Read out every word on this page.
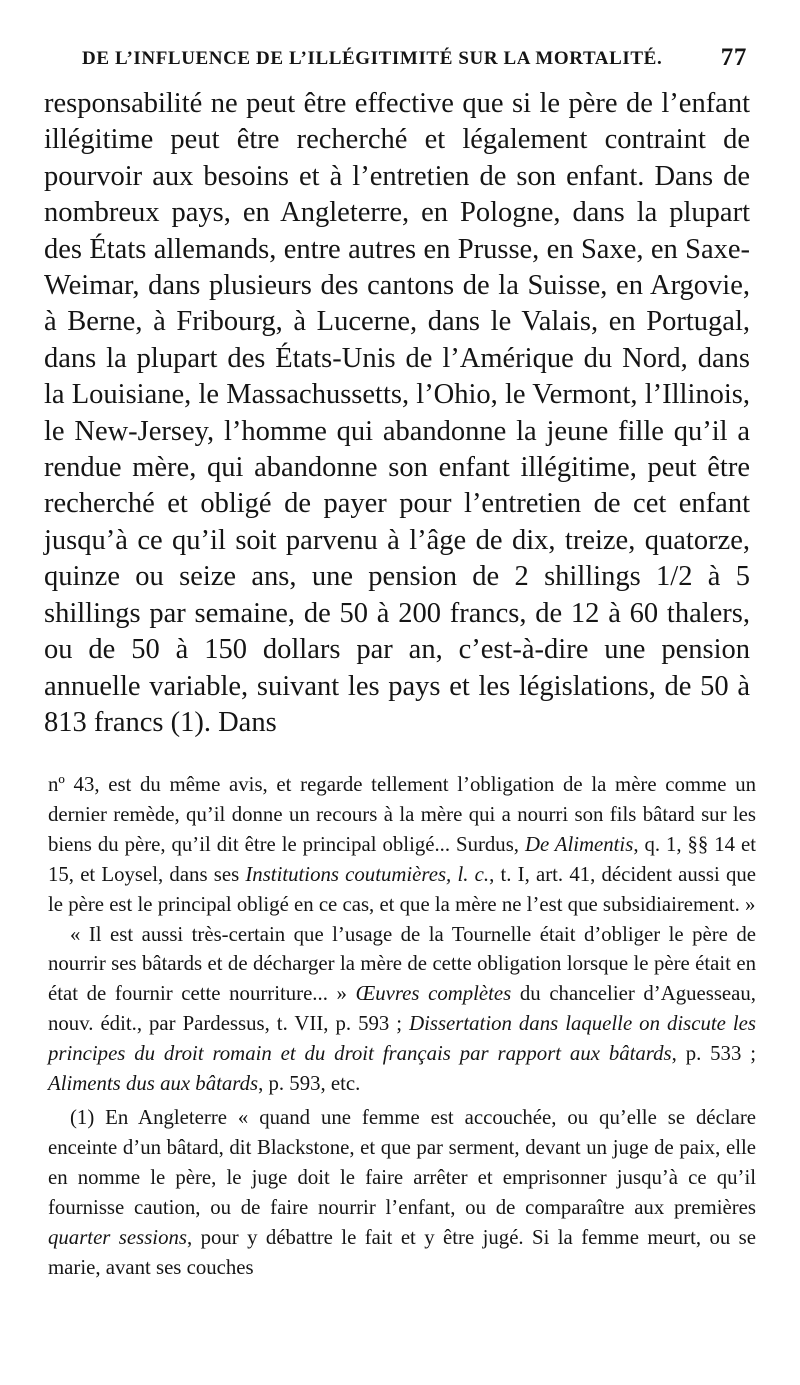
DE L’INFLUENCE DE L’ILLÉGITIMITÉ SUR LA MORTALITÉ. 77

responsabilité ne peut être effective que si le père de l’enfant illégitime peut être recherché et légalement contraint de pourvoir aux besoins et à l’entretien de son enfant. Dans de nombreux pays, en Angleterre, en Pologne, dans la plupart des États allemands, entre autres en Prusse, en Saxe, en Saxe-Weimar, dans plusieurs des cantons de la Suisse, en Argovie, à Berne, à Fribourg, à Lucerne, dans le Valais, en Portugal, dans la plupart des États-Unis de l’Amérique du Nord, dans la Louisiane, le Massachussetts, l’Ohio, le Vermont, l’Illinois, le New-Jersey, l’homme qui abandonne la jeune fille qu’il a rendue mère, qui abandonne son enfant illégitime, peut être recherché et obligé de payer pour l’entretien de cet enfant jusqu’à ce qu’il soit parvenu à l’âge de dix, treize, quatorze, quinze ou seize ans, une pension de 2 shillings 1/2 à 5 shillings par semaine, de 50 à 200 francs, de 12 à 60 thalers, ou de 50 à 150 dollars par an, c’est-à-dire une pension annuelle variable, suivant les pays et les législations, de 50 à 813 francs (1). Dans

nº 43, est du même avis, et regarde tellement l’obligation de la mère comme un dernier remède, qu’il donne un recours à la mère qui a nourri son fils bâtard sur les biens du père, qu’il dit être le principal obligé... Surdus, De Alimentis, q. 1, §§ 14 et 15, et Loysel, dans ses Institutions coutumières, l. c., t. I, art. 41, décident aussi que le père est le principal obligé en ce cas, et que la mère ne l’est que subsidiairement. »

« Il est aussi très-certain que l’usage de la Tournelle était d’obliger le père de nourrir ses bâtards et de décharger la mère de cette obligation lorsque le père était en état de fournir cette nourriture... » Œuvres complètes du chancelier d’Aguesseau, nouv. édit., par Pardessus, t. VII, p. 593 ; Dissertation dans laquelle on discute les principes du droit romain et du droit français par rapport aux bâtards, p. 533 ; Aliments dus aux bâtards, p. 593, etc.

(1) En Angleterre « quand une femme est accouchée, ou qu’elle se déclare enceinte d’un bâtard, dit Blackstone, et que par serment, devant un juge de paix, elle en nomme le père, le juge doit le faire arrêter et emprisonner jusqu’à ce qu’il fournisse caution, ou de faire nourrir l’enfant, ou de comparaître aux premières quarter sessions, pour y débattre le fait et y être jugé. Si la femme meurt, ou se marie, avant ses couches
